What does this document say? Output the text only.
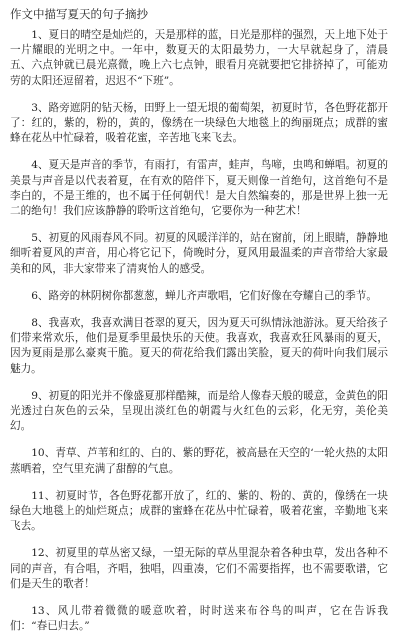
作文中描写夏天的句子摘抄

1、夏日的晴空是灿烂的，天是那样的蓝，日光是那样的强烈，天上地下处于一片耀眼的光明之中。一年中，数夏天的太阳最势力，一大早就起身了，清晨五、六点钟就已晨光熹微，晚上六七点钟，眼看月亮就要把它排挤掉了，可能劝劳的太阳还逗留着，迟迟不“下班”。

3、路旁遮阴的钻天杨，田野上一望无垠的葡萄架，初夏时节，各色野花都开了：红的，紫的，粉的，黄的，像绣在一块绿色大地毯上的绚丽斑点；成群的蜜蜂在花丛中忙碌着，吸着花蜜，辛苦地飞来飞去。

4、夏天是声音的季节，有雨打，有雷声，蛙声，鸟啼，虫鸣和蝉唱。初夏的美景与声音是以代表着夏，在有欢的陪伴下，夏天则像一首绝句，这首绝句不是李白的，不是王维的，也不属于任何朝代！是大自然编奏的，那是世界上独一无二的绝句！我们应该静静的聆听这首绝句，它要你为一种艺术！

5、初夏的风雨春风不同。初夏的风暖洋洋的，站在窗前，闭上眼睛，静静地细听着夏风的声音，用心将它记下，倚晚时分，夏风用最温柔的声音带给大家最美和的风，非大家带来了清爽怡人的感受。

6、路旁的林阴树你都葱葱，蝉儿齐声歌唱，它们好像在夸耀自己的季节。

8、我喜欢，我喜欢满目苍翠的夏天，因为夏天可纵情泳池游泳。夏天给孩子们带来常欢乐，他们是夏季里最快乐的天使。我喜欢，我喜欢狂风暴雨的夏天，因为夏雨是那么豪爽干脆。夏天的荷花给我们露出笑脸，夏天的荷叶向我们展示魅力。

9、初夏的阳光并不像盛夏那样酷辣，而是给人像春天般的暖意，金黄色的阳光透过白灰色的云朵，呈现出淡红色的朝霞与火红色的云彩，化无穷，美伦美幻。

10、青草、芦苇和红的、白的、紫的野花，被高悬在天空的‘一轮火热的太阳蒸晒着，空气里充满了甜醇的气息。

11、初夏时节，各色野花都开放了，红的、紫的、粉的、黄的，像绣在一块绿色大地毯上的灿烂斑点；成群的蜜蜂在花丛中忙碌着，吸着花蜜，辛勤地飞来飞去。

12、初夏里的草丛密又绿，一望无际的草丛里混杂着各种虫草，发出各种不同的声音，有合唱，齐唱，独唱，四重凑，它们不需要指挥，也不需要歌谱，它们是天生的歌者！

13、风儿带着微微的暖意吹着，时时送来布谷鸟的叫声，它在告诉我们：“春已归去。”
